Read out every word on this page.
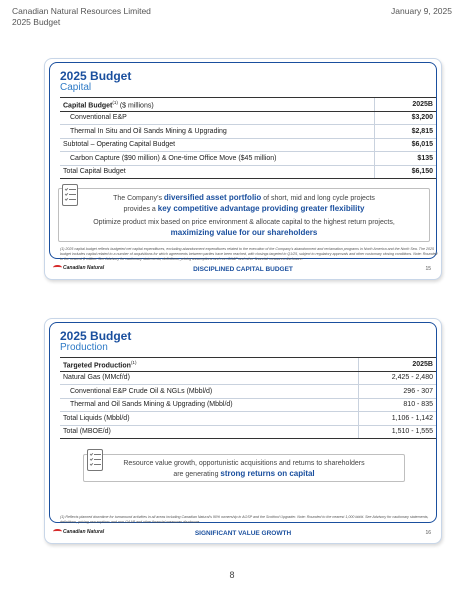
Canadian Natural Resources Limited
2025 Budget
January 9, 2025
2025 Budget
Capital
Capital Budget$^{(1)}$ ($ millions)	2025B
Conventional E&P	$3,200
Thermal In Situ and Oil Sands Mining & Upgrading	$2,815
Subtotal – Operating Capital Budget	$6,015
Carbon Capture ($90 million) & One-time Office Move ($45 million)	$135
Total Capital Budget	$6,150
The Company’s diversified asset portfolio of short, mid and long cycle projects
provides a key competitive advantage providing greater flexibility
Optimize product mix based on price environment & allocate capital to the highest return projects,
maximizing value for our shareholders
(1) 2025 capital budget reflects budgeted net capital expenditures, excluding abandonment expenditures related to the execution of the Company's abandonment and reclamation programs in North America and the North Sea. The 2025 budget includes capital related to a number of acquisitions for which agreements between parties have been reached, with closings targeted in Q1/25, subject to regulatory approvals and other customary closing conditions. Note: Rounded to the nearest $ million. See Advisory for cautionary statements, definitions, pricing assumptions and non-GAAP and other financial measures disclosure.
Canadian Natural	DISCIPLINED CAPITAL BUDGET	15
2025 Budget
Production
Targeted Production$^{(1)}$	2025B
Natural Gas (MMcf/d)	2,425 - 2,480
Conventional E&P Crude Oil & NGLs (Mbbl/d)	296 - 307
Thermal and Oil Sands Mining & Upgrading (Mbbl/d)	810 - 835
Total Liquids (Mbbl/d)	1,106 - 1,142
Total (MBOE/d)	1,510 - 1,555
Resource value growth, opportunistic acquisitions and returns to shareholders
are generating strong returns on capital
(1) Reflects planned downtime for turnaround activities in all areas including Canadian Natural's 90% ownership in AOSP and the Scotford Upgrader. Note: Rounded to the nearest 1,000 bbl/d. See Advisory for cautionary statements, definitions, pricing assumptions and non-GAAP and other financial measures disclosure.
Canadian Natural	SIGNIFICANT VALUE GROWTH	16
8
